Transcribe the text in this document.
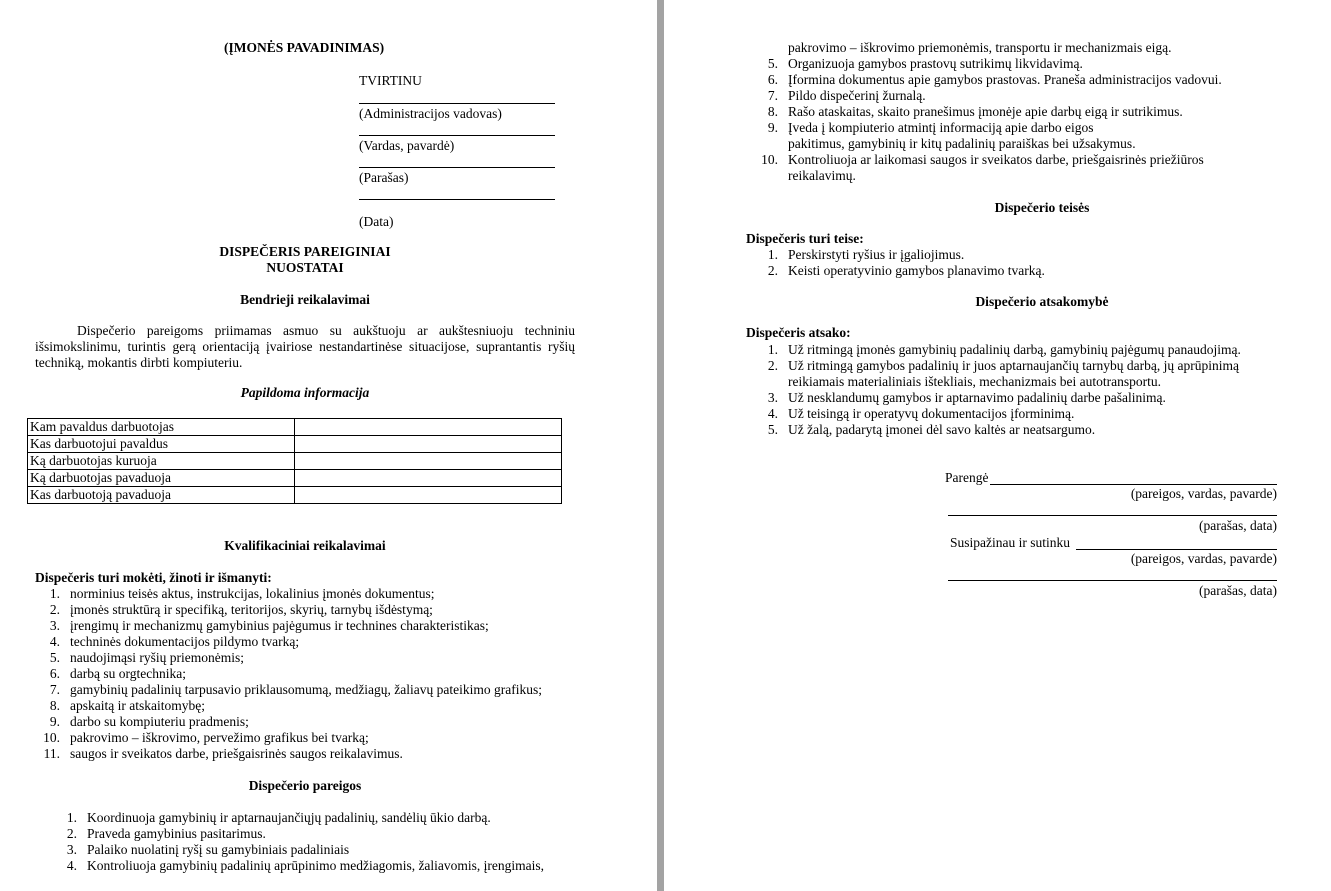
(ĮMONĖS PAVADINIMAS)
TVIRTINU
(Administracijos vadovas)
(Vardas, pavardė)
(Parašas)
(Data)
DISPEČERIS PAREIGINIAI
NUOSTATAI
Bendrieji reikalavimai
Dispečerio pareigoms priimamas asmuo su aukštuoju ar aukštesniuoju techniniu išsimokslinimu, turintis gerą orientaciją įvairiose nestandartinėse situacijose, suprantantis ryšių techniką, mokantis dirbti kompiuteriu.
Papildoma informacija
Kam pavaldus darbuotojas	
Kas darbuotojui pavaldus	
Ką darbuotojas kuruoja	
Ką darbuotojas pavaduoja	
Kas darbuotoją pavaduoja	
Kvalifikaciniai reikalavimai
Dispečeris turi mokėti, žinoti ir išmanyti:
1. norminius teisės aktus, instrukcijas, lokalinius įmonės dokumentus;
2. įmonės struktūrą ir specifiką, teritorijos, skyrių, tarnybų išdėstymą;
3. įrengimų ir mechanizmų gamybinius pajėgumus ir technines charakteristikas;
4. techninės dokumentacijos pildymo tvarką;
5. naudojimąsi ryšių priemonėmis;
6. darbą su orgtechnika;
7. gamybinių padalinių tarpusavio priklausomumą, medžiagų, žaliavų pateikimo grafikus;
8. apskaitą ir atskaitomybę;
9. darbo su kompiuteriu pradmenis;
10. pakrovimo – iškrovimo, pervežimo grafikus bei tvarką;
11. saugos ir sveikatos darbe, priešgaisrinės saugos reikalavimus.
Dispečerio pareigos
1. Koordinuoja gamybinių ir aptarnaujančiųjų padalinių, sandėlių ūkio darbą.
2. Praveda gamybinius pasitarimus.
3. Palaiko nuolatinį ryšį su gamybiniais padaliniais
4. Kontroliuoja gamybinių padalinių aprūpinimo medžiagomis, žaliavomis, įrengimais,
pakrovimo – iškrovimo priemonėmis, transportu ir mechanizmais eigą.
5. Organizuoja gamybos prastovų sutrikimų likvidavimą.
6. Įformina dokumentus apie gamybos prastovas. Praneša administracijos vadovui.
7. Pildo dispečerinį žurnalą.
8. Rašo ataskaitas, skaito pranešimus įmonėje apie darbų eigą ir sutrikimus.
9. Įveda į kompiuterio atmintį informaciją apie darbo eigos
pakitimus, gamybinių ir kitų padalinių paraiškas bei užsakymus.
10. Kontroliuoja ar laikomasi saugos ir sveikatos darbe, priešgaisrinės priežiūros
reikalavimų.
Dispečerio teisės
Dispečeris turi teise:
1. Perskirstyti ryšius ir įgaliojimus.
2. Keisti operatyvinio gamybos planavimo tvarką.
Dispečerio atsakomybė
Dispečeris atsako:
1. Už ritmingą įmonės gamybinių padalinių darbą, gamybinių pajėgumų panaudojimą.
2. Už ritmingą gamybos padalinių ir juos aptarnaujančių tarnybų darbą, jų aprūpinimą
reikiamais materialiniais ištekliais, mechanizmais bei autotransportu.
3. Už nesklandumų gamybos ir aptarnavimo padalinių darbe pašalinimą.
4. Už teisingą ir operatyvų dokumentacijos įforminimą.
5. Už žalą, padarytą įmonei dėl savo kaltės ar neatsargumo.
Parengė
(pareigos, vardas, pavarde)
(parašas, data)
Susipažinau ir sutinku
(pareigos, vardas, pavarde)
(parašas, data)
